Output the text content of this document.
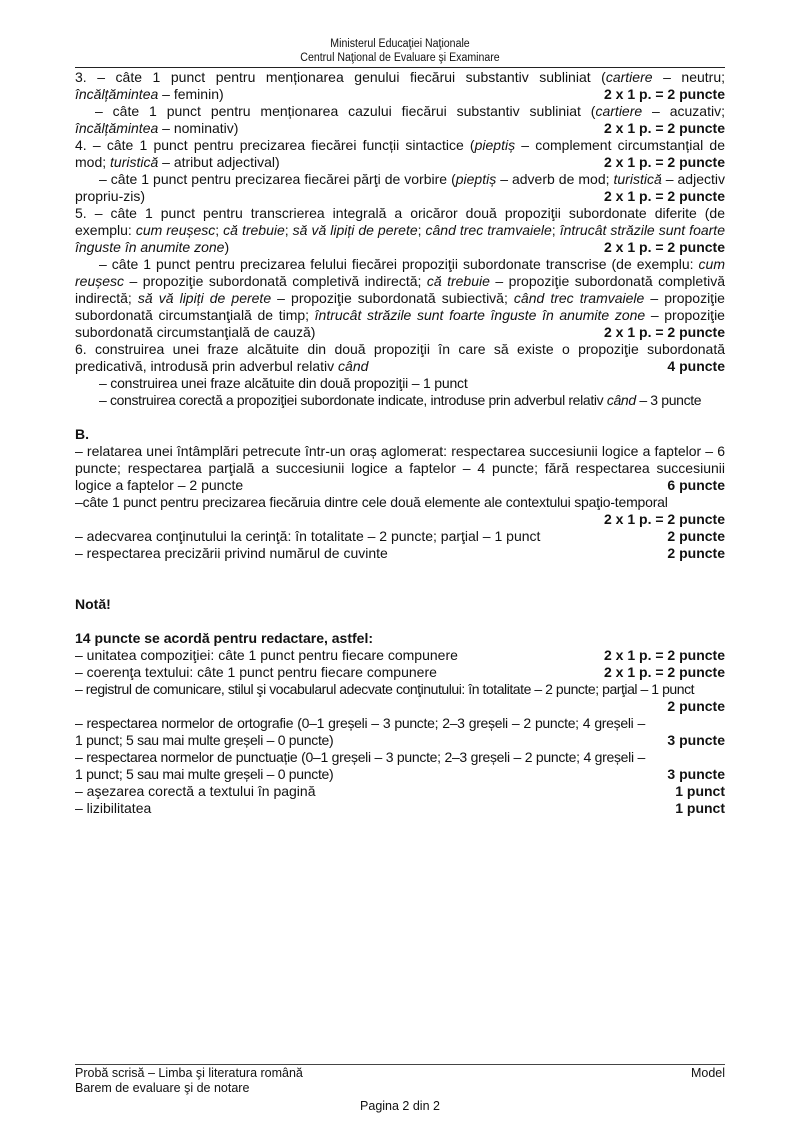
Ministerul Educaţiei Naţionale
Centrul Naţional de Evaluare şi Examinare
3. – câte 1 punct pentru menționarea genului fiecărui substantiv subliniat (cartiere – neutru; încălțămintea – feminin)	2 x 1 p. = 2 puncte
– câte 1 punct pentru menționarea cazului fiecărui substantiv subliniat (cartiere – acuzativ; încălțămintea – nominativ)	2 x 1 p. = 2 puncte
4. – câte 1 punct pentru precizarea fiecărei funcții sintactice (pieptiș – complement circumstanțial de mod; turistică – atribut adjectival)	2 x 1 p. = 2 puncte
– câte 1 punct pentru precizarea fiecărei părţi de vorbire (pieptiș – adverb de mod; turistică – adjectiv propriu-zis)	2 x 1 p. = 2 puncte
5. – câte 1 punct pentru transcrierea integrală a oricăror două propoziţii subordonate diferite (de exemplu: cum reușesc; că trebuie; să vă lipiți de perete; când trec tramvaiele; întrucât străzile sunt foarte înguste în anumite zone)	2 x 1 p. = 2 puncte
– câte 1 punct pentru precizarea felului fiecărei propoziţii subordonate transcrise (de exemplu: cum reușesc – propoziţie subordonată completivă indirectă; că trebuie – propoziţie subordonată completivă indirectă; să vă lipiți de perete – propoziţie subordonată subiectivă; când trec tramvaiele – propoziţie subordonată circumstanţială de timp; întrucât străzile sunt foarte înguste în anumite zone – propoziţie subordonată circumstanţială de cauză)	2 x 1 p. = 2 puncte
6. construirea unei fraze alcătuite din două propoziţii în care să existe o propoziţie subordonată predicativă, introdusă prin adverbul relativ când	4 puncte
– construirea unei fraze alcătuite din două propoziţii – 1 punct
– construirea corectă a propoziţiei subordonate indicate, introduse prin adverbul relativ când – 3 puncte
B.
– relatarea unei întâmplări petrecute într-un oraș aglomerat: respectarea succesiunii logice a faptelor – 6 puncte; respectarea parţială a succesiunii logice a faptelor – 4 puncte; fără respectarea succesiunii logice a faptelor – 2 puncte	6 puncte
–câte 1 punct pentru precizarea fiecăruia dintre cele două elemente ale contextului spaţio-temporal
2 x 1 p. = 2 puncte
– adecvarea conţinutului la cerinţă: în totalitate – 2 puncte; parţial – 1 punct	2 puncte
– respectarea precizării privind numărul de cuvinte	2 puncte
Notă!
14 puncte se acordă pentru redactare, astfel:
– unitatea compoziţiei: câte 1 punct pentru fiecare compunere	2 x 1 p. = 2 puncte
– coerenţa textului: câte 1 punct pentru fiecare compunere	2 x 1 p. = 2 puncte
– registrul de comunicare, stilul şi vocabularul adecvate conţinutului: în totalitate – 2 puncte; parţial – 1 punct
2 puncte
– respectarea normelor de ortografie (0–1 greșeli – 3 puncte; 2–3 greșeli – 2 puncte; 4 greșeli – 1 punct; 5 sau mai multe greșeli – 0 puncte)	3 puncte
– respectarea normelor de punctuație (0–1 greșeli – 3 puncte; 2–3 greșeli – 2 puncte; 4 greșeli – 1 punct; 5 sau mai multe greșeli – 0 puncte)	3 puncte
– aşezarea corectă a textului în pagină	1 punct
– lizibilitatea	1 punct
Probă scrisă – Limba şi literatura română
Barem de evaluare şi de notare
Model
Pagina 2 din 2
